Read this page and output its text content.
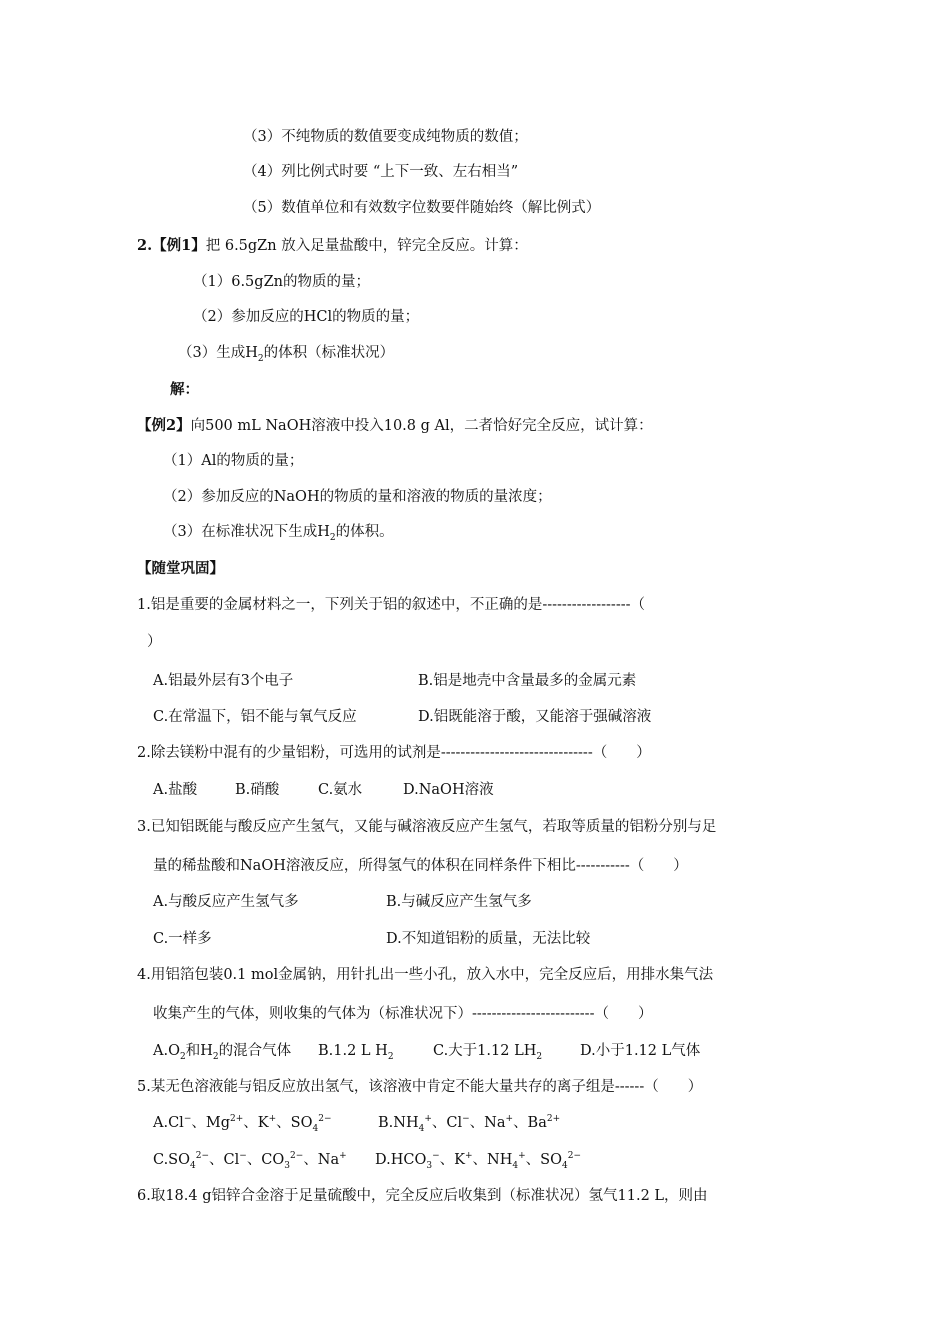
（3）不纯物质的数值要变成纯物质的数值；
（4）列比例式时要 “上下一致、左右相当”
（5）数值单位和有效数字位数要伴随始终（解比例式）
2.【例1】把 6.5gZn 放入足量盐酸中，锌完全反应。计算：
（1）6.5gZn的物质的量；
（2）参加反应的HCl的物质的量；
（3）生成$H_2$的体积（标准状况）
解：
【例2】向500 mL NaOH溶液中投入10.8 g Al，二者恰好完全反应，试计算：
（1）Al的物质的量；
（2）参加反应的NaOH的物质的量和溶液的物质的量浓度；
（3）在标准状况下生成$H_2$的体积。
【随堂巩固】
1.铝是重要的金属材料之一，下列关于铝的叙述中，不正确的是------------------（
）
A.铝最外层有3个电子	B.铝是地壳中含量最多的金属元素
C.在常温下，铝不能与氧气反应	D.铝既能溶于酸，又能溶于强碱溶液
2.除去镁粉中混有的少量铝粉，可选用的试剂是-------------------------------（　　）
A.盐酸	B.硝酸	C.氨水	D.NaOH溶液
3.已知铝既能与酸反应产生氢气，又能与碱溶液反应产生氢气，若取等质量的铝粉分别与足
量的稀盐酸和NaOH溶液反应，所得氢气的体积在同样条件下相比-----------（　　）
A.与酸反应产生氢气多	B.与碱反应产生氢气多
C.一样多	D.不知道铝粉的质量，无法比较
4.用铝箔包装0.1 mol金属钠，用针扎出一些小孔，放入水中，完全反应后，用排水集气法
收集产生的气体，则收集的气体为（标准状况下）-------------------------（　　）
$A.O_2$和$H_2$的混合气体 B.1.2 L $H_2$	C.大于1.12 $LH_2$	D.小于1.12 L气体
5.某无色溶液能与铝反应放出氢气，该溶液中肯定不能大量共存的离子组是------（　　）
A.Cl−、$Mg^{2+}$、K+、$SO_4^{2-}$	$B.NH_4^+$、Cl−、Na+、$Ba^{2+}$
$C.SO_4^{2-}$、Cl−、$CO_3^{2-}$、Na+ $D.HCO_3^-$、K+、$NH_4^+$、$SO_4^{2-}$
6.取18.4 g铝锌合金溶于足量硫酸中，完全反应后收集到（标准状况）氢气11.2 L，则由
